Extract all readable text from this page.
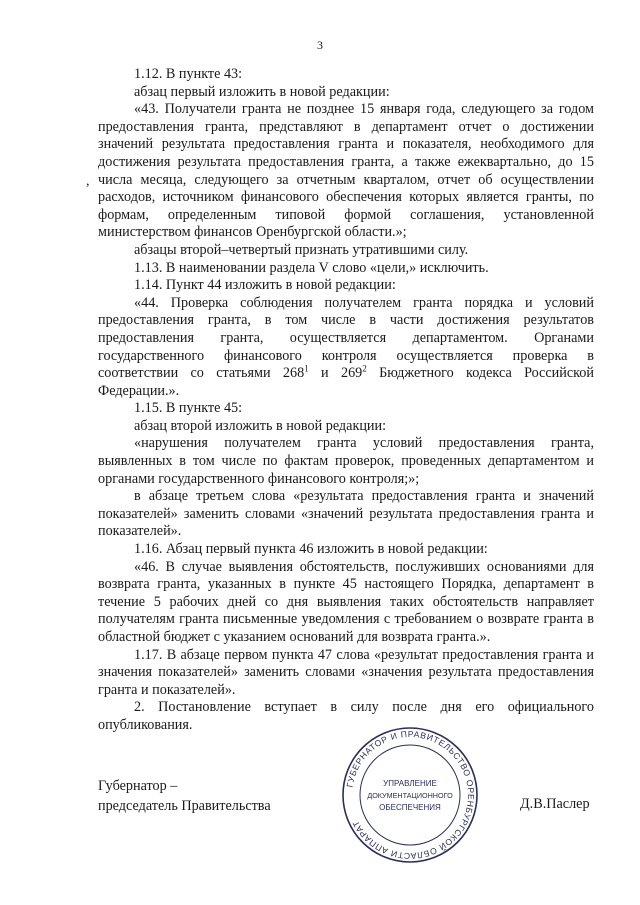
3
,

1.12. В пункте 43:

абзац первый изложить в новой редакции:

«43. Получатели гранта не позднее 15 января года, следующего за годом предоставления гранта, представляют в департамент отчет о достижении значений результата предоставления гранта и показателя, необходимого для достижения результата предоставления гранта, а также ежеквартально, до 15 числа месяца, следующего за отчетным кварталом, отчет об осуществлении расходов, источником финансового обеспечения которых является гранты, по формам, определенным типовой формой соглашения, установленной министерством финансов Оренбургской области.»;

абзацы второй–четвертый признать утратившими силу.

1.13. В наименовании раздела V слово «цели,» исключить.

1.14. Пункт 44 изложить в новой редакции:

«44. Проверка соблюдения получателем гранта порядка и условий предоставления гранта, в том числе в части достижения результатов предоставления гранта, осуществляется департаментом. Органами государственного финансового контроля осуществляется проверка в соответствии со статьями $268^1$ и $269^2$ Бюджетного кодекса Российской Федерации.».

1.15. В пункте 45:

абзац второй изложить в новой редакции:

«нарушения получателем гранта условий предоставления гранта, выявленных в том числе по фактам проверок, проведенных департаментом и органами государственного финансового контроля;»;

в абзаце третьем слова «результата предоставления гранта и значений показателей» заменить словами «значений результата предоставления гранта и показателей».

1.16. Абзац первый пункта 46 изложить в новой редакции:

«46. В случае выявления обстоятельств, послуживших основаниями для возврата гранта, указанных в пункте 45 настоящего Порядка, департамент в течение 5 рабочих дней со дня выявления таких обстоятельств направляет получателям гранта письменные уведомления с требованием о возврате гранта в областной бюджет с указанием оснований для возврата гранта.».

1.17. В абзаце первом пункта 47 слова «результат предоставления гранта и значения показателей» заменить словами «значения результата предоставления гранта и показателей».

2. Постановление вступает в силу после дня его официального опубликования.

Губернатор –
председатель Правительства	Д.В.Паслер
ГУБЕРНАТОР И ПРАВИТЕЛЬСТВО ОРЕНБУРГСКОЙ ОБЛАСТИ АППАРАТ
УПРАВЛЕНИЕ
ДОКУМЕНТАЦИОННОГО
ОБЕСПЕЧЕНИЯ
